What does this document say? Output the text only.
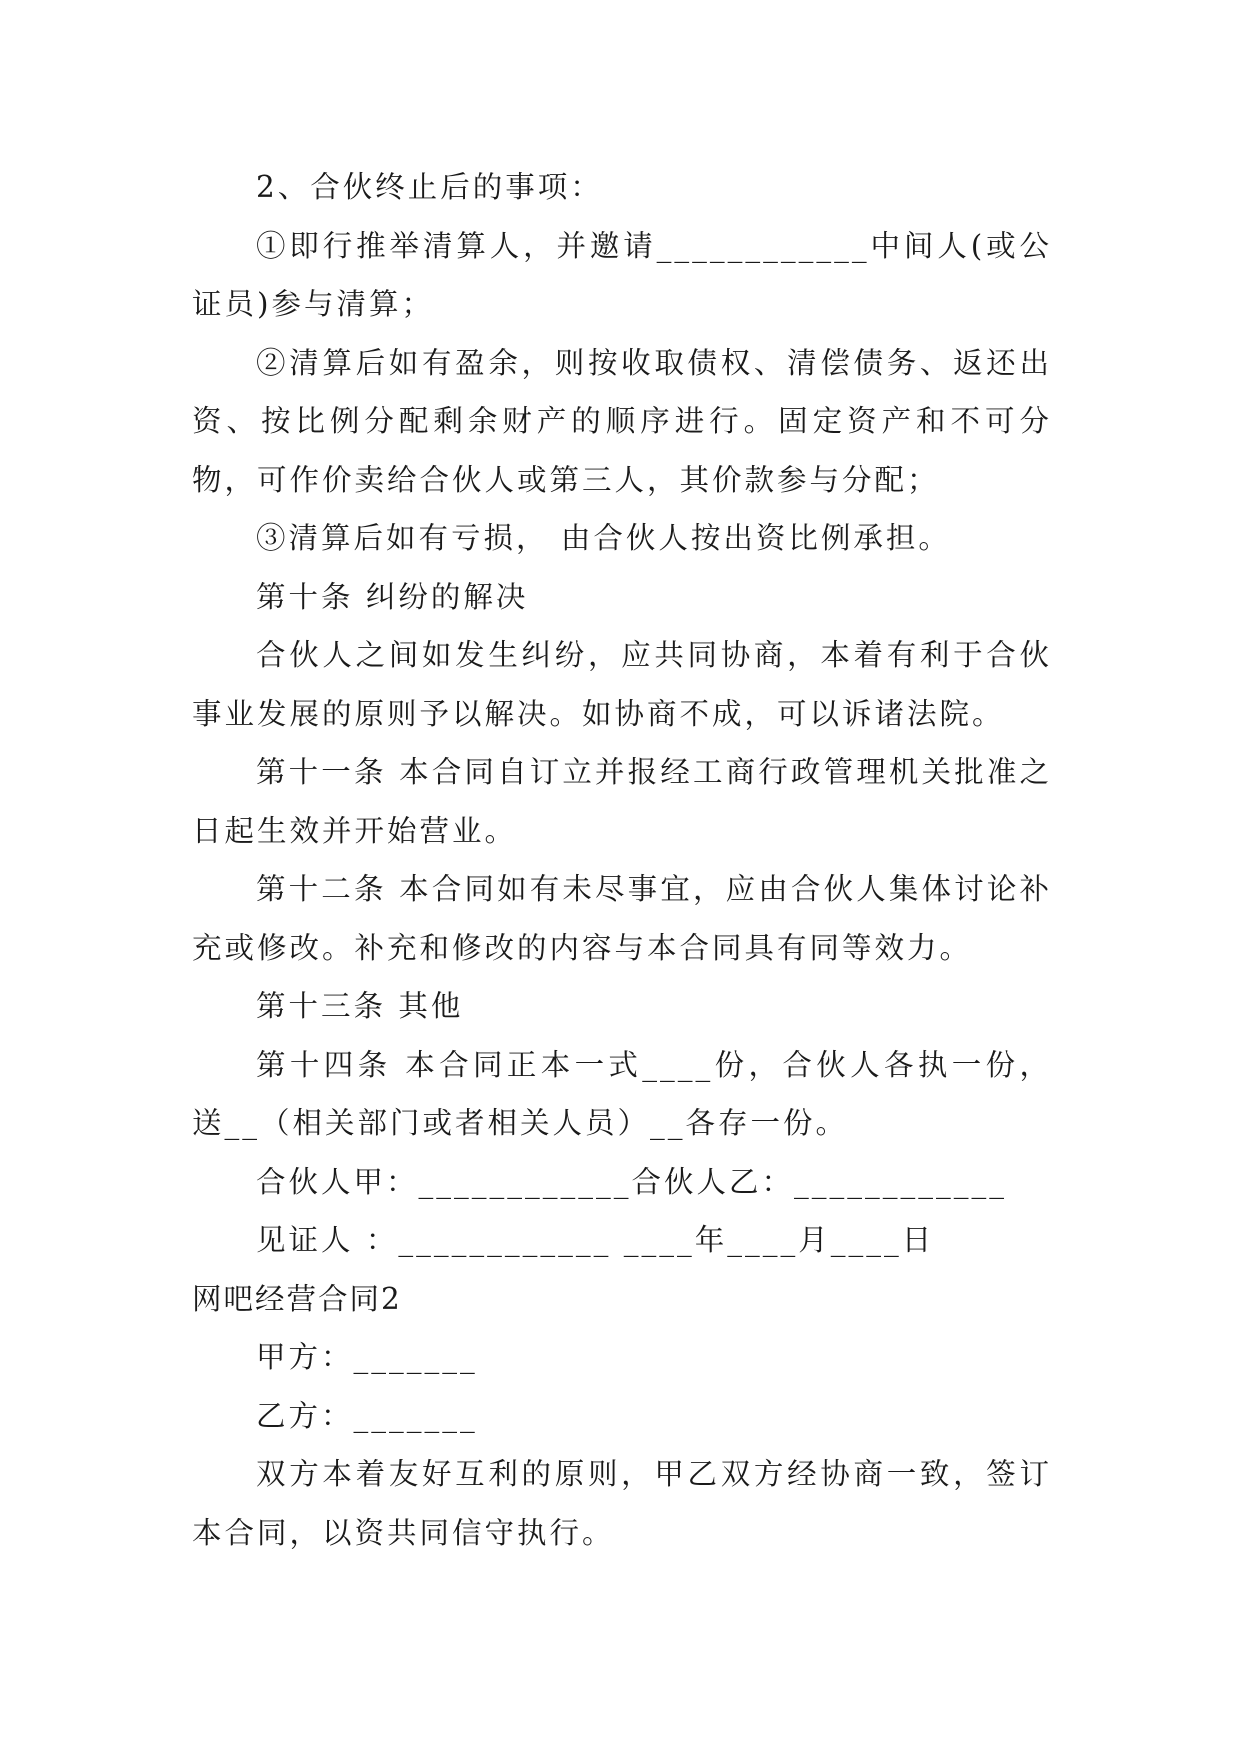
2、合伙终止后的事项：

①即行推举清算人，并邀请____________中间人(或公证员)参与清算；

②清算后如有盈余，则按收取债权、清偿债务、返还出资、按比例分配剩余财产的顺序进行。固定资产和不可分物，可作价卖给合伙人或第三人，其价款参与分配；

③清算后如有亏损， 由合伙人按出资比例承担。

第十条 纠纷的解决

合伙人之间如发生纠纷，应共同协商，本着有利于合伙事业发展的原则予以解决。如协商不成，可以诉诸法院。

第十一条 本合同自订立并报经工商行政管理机关批准之日起生效并开始营业。

第十二条 本合同如有未尽事宜，应由合伙人集体讨论补充或修改。补充和修改的内容与本合同具有同等效力。

第十三条 其他

第十四条 本合同正本一式____份，合伙人各执一份，送__（相关部门或者相关人员）__各存一份。

合伙人甲：____________合伙人乙：____________

见证人 ：____________ ____年____月____日

网吧经营合同2

甲方：_______

乙方：_______

双方本着友好互利的原则，甲乙双方经协商一致，签订本合同，以资共同信守执行。
